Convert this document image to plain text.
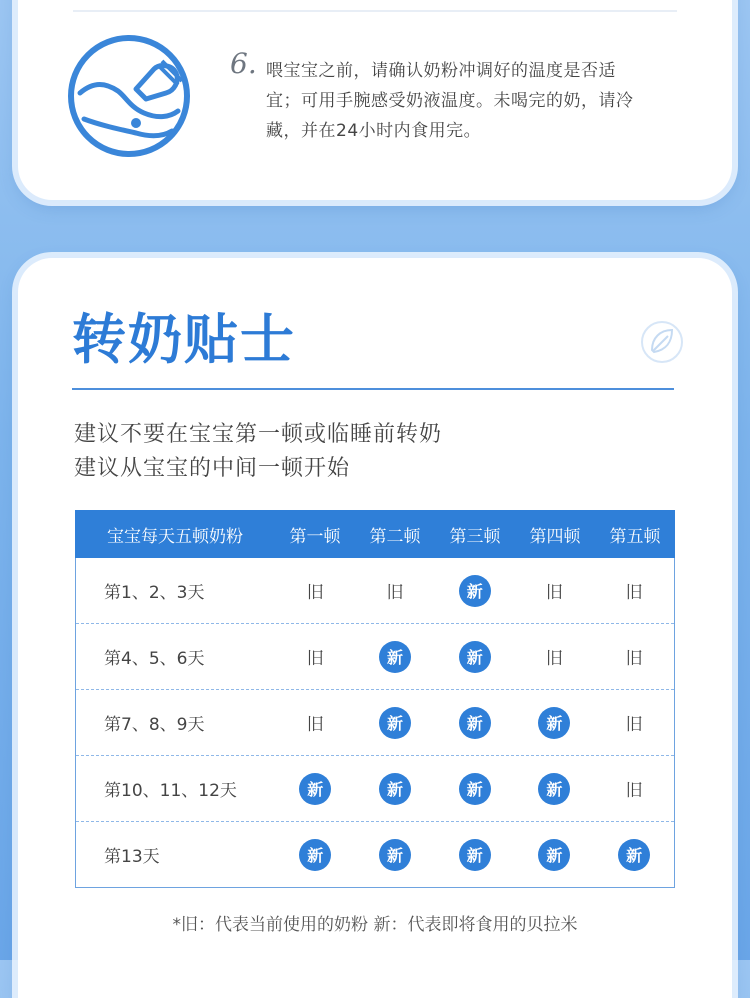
6. 喂宝宝之前，请确认奶粉冲调好的温度是否适
宜；可用手腕感受奶液温度。未喝完的奶，请冷
藏，并在24小时内食用完。
转奶贴士
建议不要在宝宝第一顿或临睡前转奶
建议从宝宝的中间一顿开始
宝宝每天五顿奶粉	第一顿	第二顿	第三顿	第四顿	第五顿
第1、2、3天	旧	旧	新	旧	旧
第4、5、6天	旧	新	新	旧	旧
第7、8、9天	旧	新	新	新	旧
第10、11、12天	新	新	新	新	旧
第13天	新	新	新	新	新
*旧：代表当前使用的奶粉 新：代表即将食用的贝拉米
